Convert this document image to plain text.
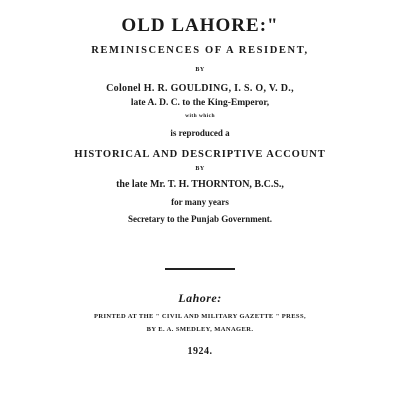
OLD LAHORE:"
REMINISCENCES OF A RESIDENT,
BY
Colonel H. R. GOULDING, I. S. O, V. D.,
late A. D. C. to the King-Emperor,
with which
is reproduced a
HISTORICAL AND DESCRIPTIVE ACCOUNT
BY
the late Mr. T. H. THORNTON, B.C.S.,
for many years
Secretary to the Punjab Government.
Lahore:
PRINTED AT THE " CIVIL AND MILITARY GAZETTE " PRESS,
BY E. A. SMEDLEY, MANAGER.
1924.
